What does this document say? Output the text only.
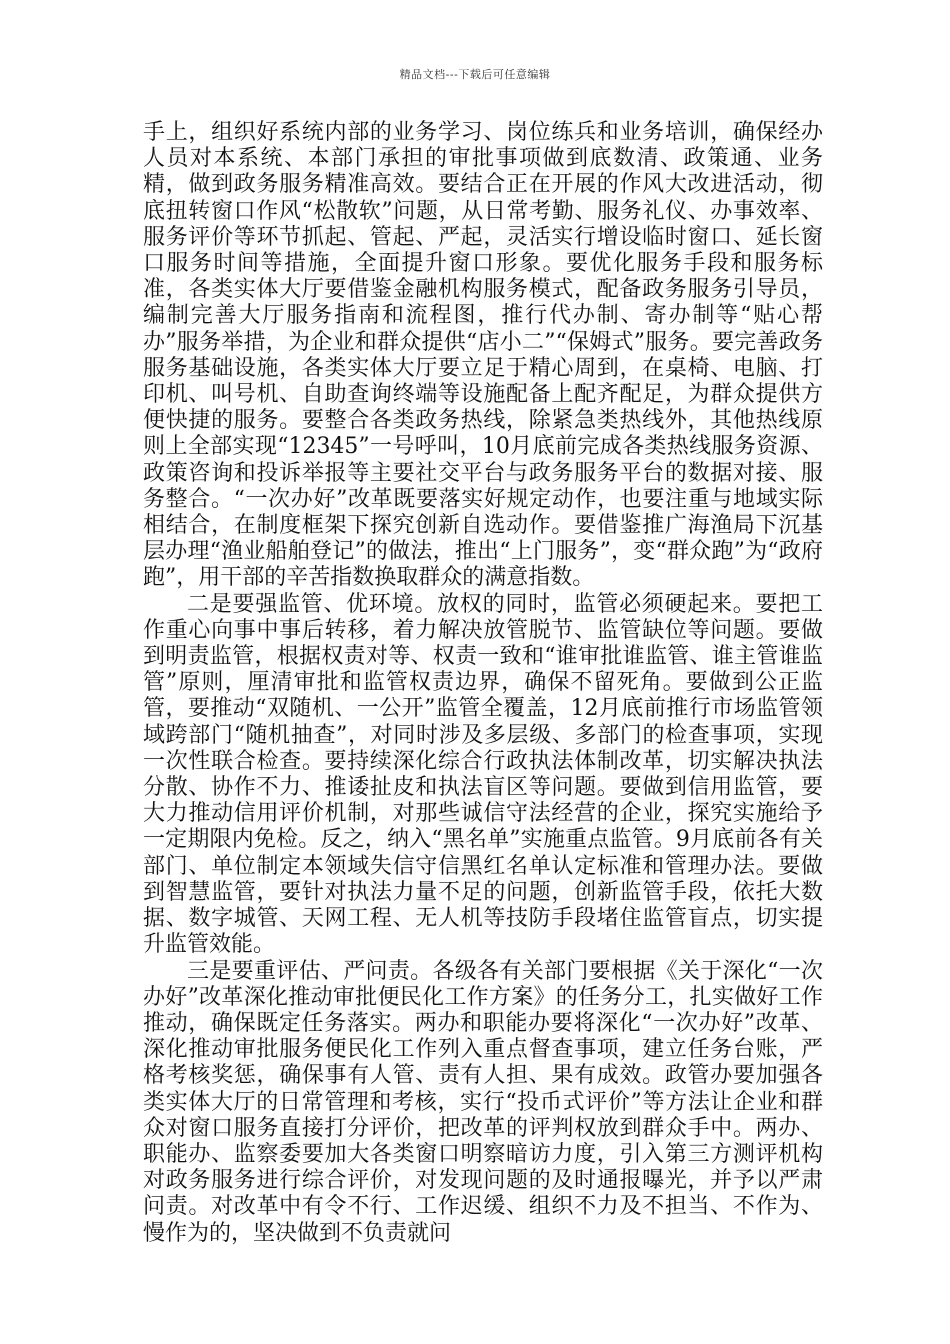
精品文档---下载后可任意编辑

手上，组织好系统内部的业务学习、岗位练兵和业务培训，确保经办人员对本系统、本部门承担的审批事项做到底数清、政策通、业务精，做到政务服务精准高效。要结合正在开展的作风大改进活动，彻底扭转窗口作风“松散软”问题，从日常考勤、服务礼仪、办事效率、服务评价等环节抓起、管起、严起，灵活实行增设临时窗口、延长窗口服务时间等措施，全面提升窗口形象。要优化服务手段和服务标准，各类实体大厅要借鉴金融机构服务模式，配备政务服务引导员，编制完善大厅服务指南和流程图，推行代办制、寄办制等“贴心帮办”服务举措，为企业和群众提供“店小二”“保姆式”服务。要完善政务服务基础设施，各类实体大厅要立足于精心周到，在桌椅、电脑、打印机、叫号机、自助查询终端等设施配备上配齐配足，为群众提供方便快捷的服务。要整合各类政务热线，除紧急类热线外，其他热线原则上全部实现“12345”一号呼叫，10月底前完成各类热线服务资源、政策咨询和投诉举报等主要社交平台与政务服务平台的数据对接、服务整合。“一次办好”改革既要落实好规定动作，也要注重与地域实际相结合，在制度框架下探究创新自选动作。要借鉴推广海渔局下沉基层办理“渔业船舶登记”的做法，推出“上门服务”，变“群众跑”为“政府跑”，用干部的辛苦指数换取群众的满意指数。

二是要强监管、优环境。放权的同时，监管必须硬起来。要把工作重心向事中事后转移，着力解决放管脱节、监管缺位等问题。要做到明责监管，根据权责对等、权责一致和“谁审批谁监管、谁主管谁监管”原则，厘清审批和监管权责边界，确保不留死角。要做到公正监管，要推动“双随机、一公开”监管全覆盖，12月底前推行市场监管领域跨部门“随机抽查”，对同时涉及多层级、多部门的检查事项，实现一次性联合检查。要持续深化综合行政执法体制改革，切实解决执法分散、协作不力、推诿扯皮和执法盲区等问题。要做到信用监管，要大力推动信用评价机制，对那些诚信守法经营的企业，探究实施给予一定期限内免检。反之，纳入“黑名单”实施重点监管。9月底前各有关部门、单位制定本领域失信守信黑红名单认定标准和管理办法。要做到智慧监管，要针对执法力量不足的问题，创新监管手段，依托大数据、数字城管、天网工程、无人机等技防手段堵住监管盲点，切实提升监管效能。

三是要重评估、严问责。各级各有关部门要根据《关于深化“一次办好”改革深化推动审批便民化工作方案》的任务分工，扎实做好工作推动，确保既定任务落实。两办和职能办要将深化“一次办好”改革、深化推动审批服务便民化工作列入重点督查事项，建立任务台账，严格考核奖惩，确保事有人管、责有人担、果有成效。政管办要加强各类实体大厅的日常管理和考核，实行“投币式评价”等方法让企业和群众对窗口服务直接打分评价，把改革的评判权放到群众手中。两办、职能办、监察委要加大各类窗口明察暗访力度，引入第三方测评机构对政务服务进行综合评价，对发现问题的及时通报曝光，并予以严肃问责。对改革中有令不行、工作迟缓、组织不力及不担当、不作为、慢作为的，坚决做到不负责就问
